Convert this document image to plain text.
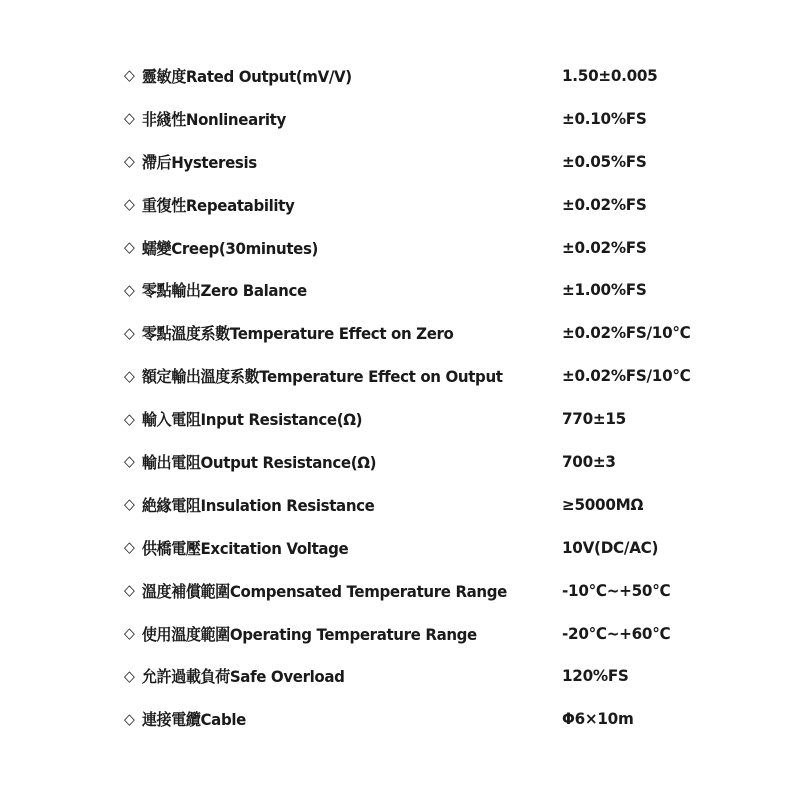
◇ 靈敏度Rated Output(mV/V)	1.50±0.005
◇ 非綫性Nonlinearity	±0.10%FS
◇ 滯后Hysteresis	±0.05%FS
◇ 重復性Repeatability	±0.02%FS
◇ 蠕變Creep(30minutes)	±0.02%FS
◇ 零點輸出Zero Balance	±1.00%FS
◇ 零點溫度系數Temperature Effect on Zero	±0.02%FS/10℃
◇ 額定輸出溫度系數Temperature Effect on Output	±0.02%FS/10℃
◇ 輸入電阻Input Resistance(Ω)	770±15
◇ 輸出電阻Output Resistance(Ω)	700±3
◇ 絶緣電阻Insulation Resistance	≥5000MΩ
◇ 供橋電壓Excitation Voltage	10V(DC/AC)
◇ 溫度補償範圍Compensated Temperature Range	-10℃~+50℃
◇ 使用溫度範圍Operating Temperature Range	-20℃~+60℃
◇ 允許過載負荷Safe Overload	120%FS
◇ 連接電纜Cable	Φ6×10m
